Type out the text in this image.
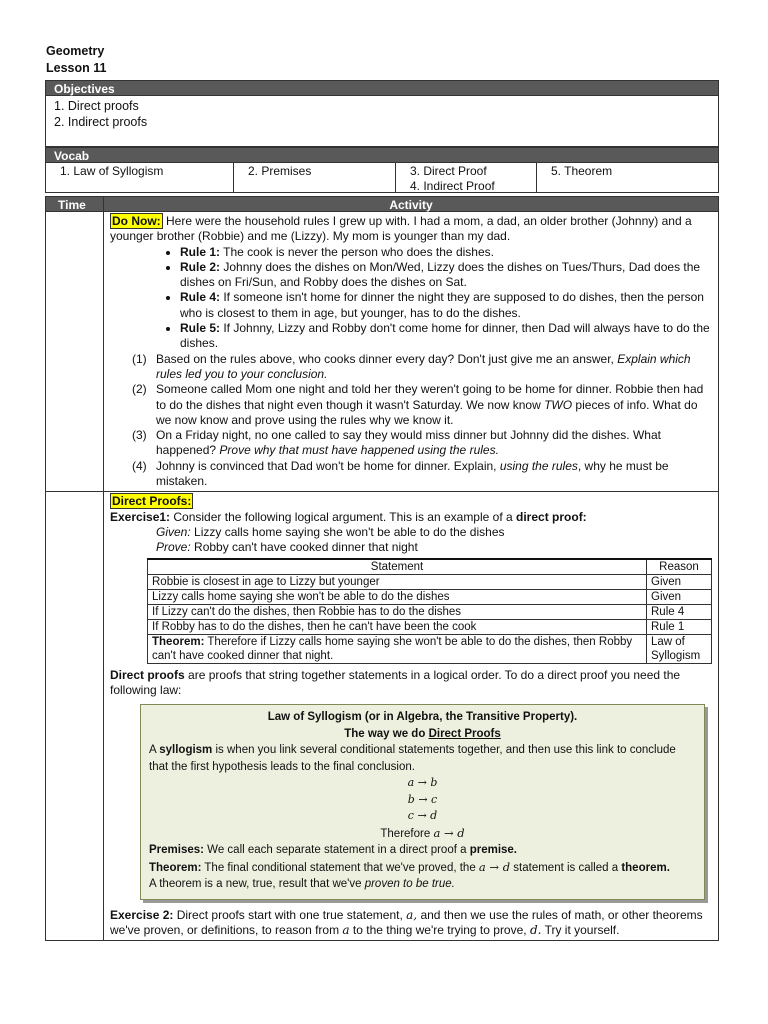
Geometry
Lesson 11
Objectives
1. Direct proofs
2. Indirect proofs
Vocab
1. Law of Syllogism	2. Premises	3. Direct Proof
4. Indirect Proof
5. Theorem
Time	Activity
Do Now: Here were the household rules I grew up with. I had a mom, a dad, an older brother (Johnny) and a younger brother (Robbie) and me (Lizzy). My mom is younger than my dad.
• Rule 1: The cook is never the person who does the dishes.
• Rule 2: Johnny does the dishes on Mon/Wed, Lizzy does the dishes on Tues/Thurs, Dad does the dishes on Fri/Sun, and Robby does the dishes on Sat.
• Rule 4: If someone isn't home for dinner the night they are supposed to do dishes, then the person who is closest to them in age, but younger, has to do the dishes.
• Rule 5: If Johnny, Lizzy and Robby don't come home for dinner, then Dad will always have to do the dishes.
(1) Based on the rules above, who cooks dinner every day? Don't just give me an answer, Explain which rules led you to your conclusion.
(2) Someone called Mom one night and told her they weren't going to be home for dinner. Robbie then had to do the dishes that night even though it wasn't Saturday. We now know TWO pieces of info. What do we now know and prove using the rules why we know it.
(3) On a Friday night, no one called to say they would miss dinner but Johnny did the dishes. What happened? Prove why that must have happened using the rules.
(4) Johnny is convinced that Dad won't be home for dinner. Explain, using the rules, why he must be mistaken.
Direct Proofs:
Exercise1: Consider the following logical argument. This is an example of a direct proof:
Given: Lizzy calls home saying she won't be able to do the dishes
Prove: Robby can't have cooked dinner that night
Statement	Reason
Robbie is closest in age to Lizzy but younger	Given
Lizzy calls home saying she won't be able to do the dishes	Given
If Lizzy can't do the dishes, then Robbie has to do the dishes	Rule 4
If Robby has to do the dishes, then he can't have been the cook	Rule 1
Theorem: Therefore if Lizzy calls home saying she won't be able to do the dishes, then Robby can't have cooked dinner that night.	Law of Syllogism
Direct proofs are proofs that string together statements in a logical order. To do a direct proof you need the following law:
Law of Syllogism (or in Algebra, the Transitive Property).
The way we do Direct Proofs
A syllogism is when you link several conditional statements together, and then use this link to conclude that the first hypothesis leads to the final conclusion.
a → b
b → c
c → d
Therefore a → d
Premises: We call each separate statement in a direct proof a premise.
Theorem: The final conditional statement that we've proved, the a → d statement is called a theorem.
A theorem is a new, true, result that we've proven to be true.
Exercise 2: Direct proofs start with one true statement, a, and then we use the rules of math, or other theorems we've proven, or definitions, to reason from a to the thing we're trying to prove, d. Try it yourself.
